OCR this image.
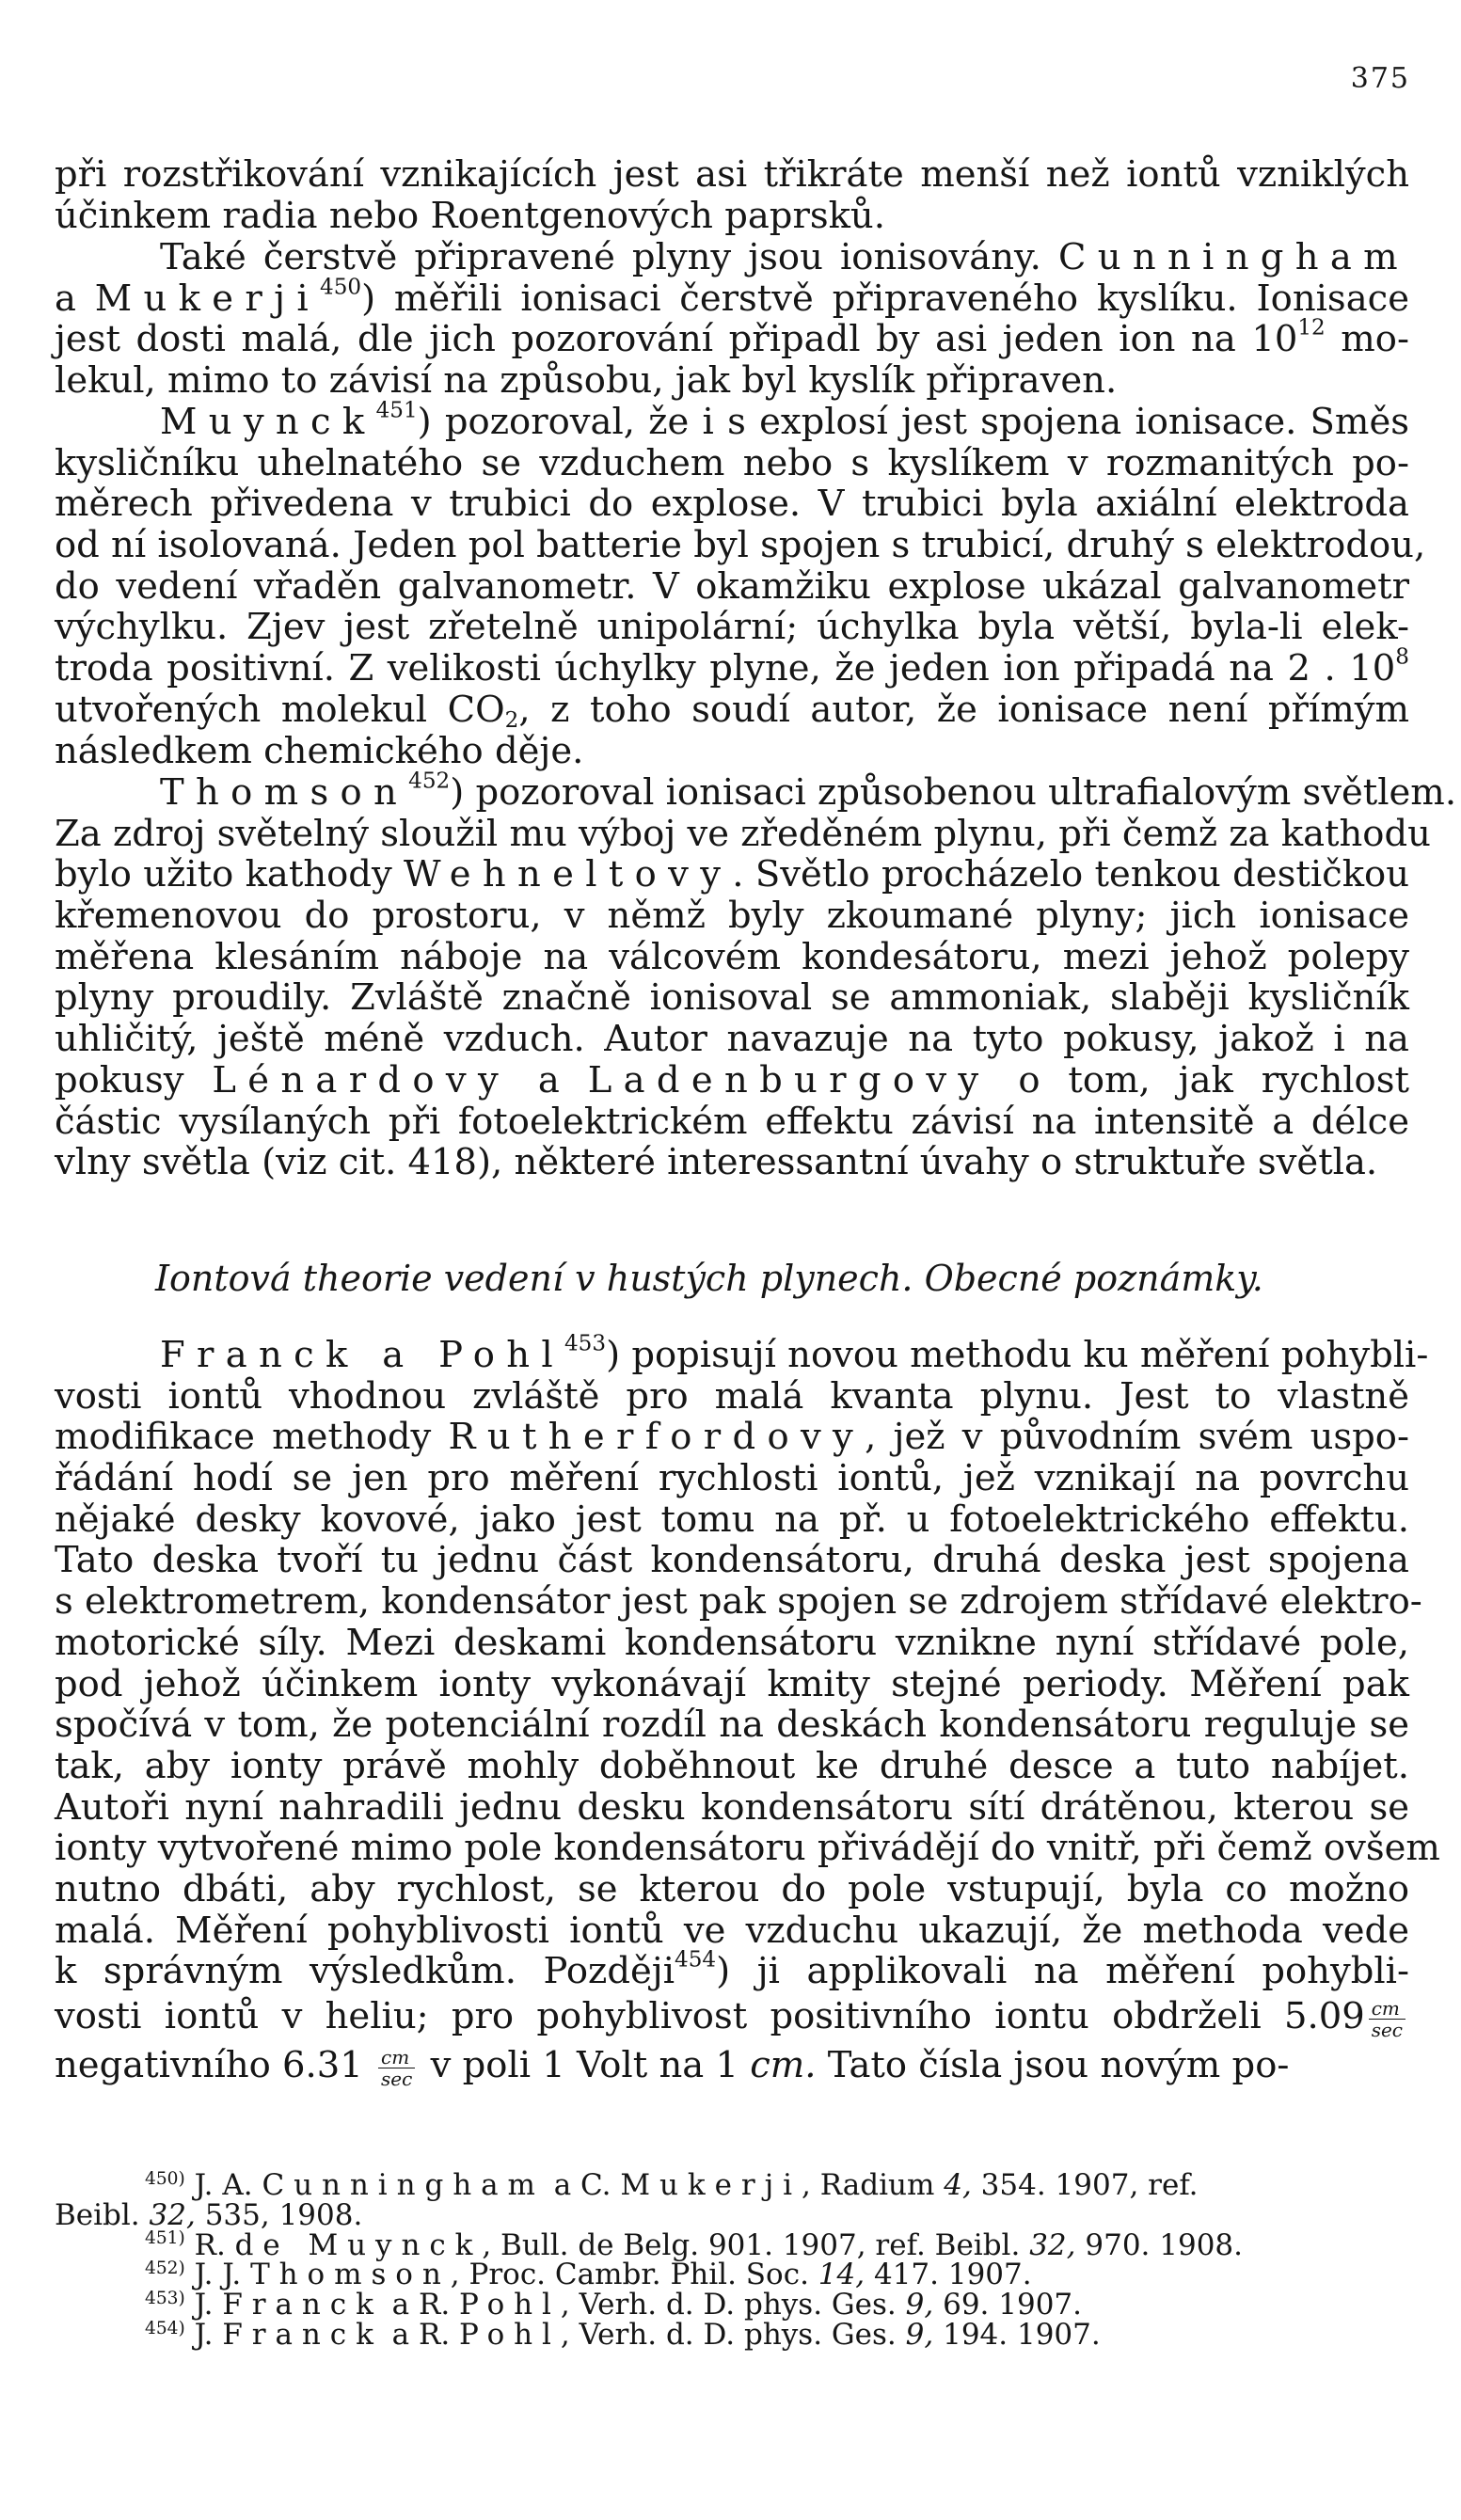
375
při rozstřikování vznikajících jest asi třikráte menší než iontů vzniklých
účinkem radia nebo Roentgenových paprsků.
Také čerstvě připravené plyny jsou ionisovány. Cunningham
a Mukerji$^{450}$) měřili ionisaci čerstvě připraveného kyslíku. Ionisace
jest dosti malá, dle jich pozorování připadl by asi jeden ion na $10^{12}$ mo-
lekul, mimo to závisí na způsobu, jak byl kyslík připraven.
Muynck$^{451}$) pozoroval, že i s explosí jest spojena ionisace. Směs
kysličníku uhelnatého se vzduchem nebo s kyslíkem v rozmanitých po-
měrech přivedena v trubici do explose. V trubici byla axiální elektroda
od ní isolovaná. Jeden pol batterie byl spojen s trubicí, druhý s elektrodou,
do vedení vřaděn galvanometr. V okamžiku explose ukázal galvanometr
výchylku. Zjev jest zřetelně unipolární; úchylka byla větší, byla-li elek-
troda positivní. Z velikosti úchylky plyne, že jeden ion připadá na 2 . $10^8$
utvořených molekul $CO_2$, z toho soudí autor, že ionisace není přímým
následkem chemického děje.
Thomson$^{452}$) pozoroval ionisaci způsobenou ultrafialovým světlem.
Za zdroj světelný sloužil mu výboj ve zředěném plynu, při čemž za kathodu
bylo užito kathody Wehneltovy. Světlo procházelo tenkou destičkou
křemenovou do prostoru, v němž byly zkoumané plyny; jich ionisace
měřena klesáním náboje na válcovém kondesátoru, mezi jehož polepy
plyny proudily. Zvláště značně ionisoval se ammoniak, slaběji kysličník
uhličitý, ještě méně vzduch. Autor navazuje na tyto pokusy, jakož i na
pokusy Lénardovy a Ladenburgovy o tom, jak rychlost
částic vysílaných při fotoelektrickém effektu závisí na intensitě a délce
vlny světla (viz cit. 418), některé interessantní úvahy o struktuře světla.
Iontová theorie vedení v hustých plynech. Obecné poznámky.
Franck a Pohl$^{453}$) popisují novou methodu ku měření pohybli-
vosti iontů vhodnou zvláště pro malá kvanta plynu. Jest to vlastně
modifikace methody Rutherfordovy, jež v původním svém uspo-
řádání hodí se jen pro měření rychlosti iontů, jež vznikají na povrchu
nějaké desky kovové, jako jest tomu na př. u fotoelektrického effektu.
Tato deska tvoří tu jednu část kondensátoru, druhá deska jest spojena
s elektrometrem, kondensátor jest pak spojen se zdrojem střídavé elektro-
motorické síly. Mezi deskami kondensátoru vznikne nyní střídavé pole,
pod jehož účinkem ionty vykonávají kmity stejné periody. Měření pak
spočívá v tom, že potenciální rozdíl na deskách kondensátoru reguluje se
tak, aby ionty právě mohly doběhnout ke druhé desce a tuto nabíjet.
Autoři nyní nahradili jednu desku kondensátoru sítí drátěnou, kterou se
ionty vytvořené mimo pole kondensátoru přivádějí do vnitř, při čemž ovšem
nutno dbáti, aby rychlost, se kterou do pole vstupují, byla co možno
malá. Měření pohyblivosti iontů ve vzduchu ukazují, že methoda vede
k správným výsledkům. Později$^{454}$) ji applikovali na měření pohybli-
vosti iontů v heliu; pro pohyblivost positivního iontu obdrželi $5.09 \frac{cm}{\sec}$
negativního $6.31 \frac{cm}{\sec}$ v poli 1 Volt na 1 cm. Tato čísla jsou novým po-
450) J. A. Cunningham a C. Mukerji, Radium 4, 354. 1907, ref.
Beibl. 32, 535, 1908.
451) R. de Muynck, Bull. de Belg. 901. 1907, ref. Beibl. 32, 970. 1908.
452) J. J. Thomson, Proc. Cambr. Phil. Soc. 14, 417. 1907.
453) J. Franck a R. Pohl, Verh. d. D. phys. Ges. 9, 69. 1907.
454) J. Franck a R. Pohl, Verh. d. D. phys. Ges. 9, 194. 1907.
